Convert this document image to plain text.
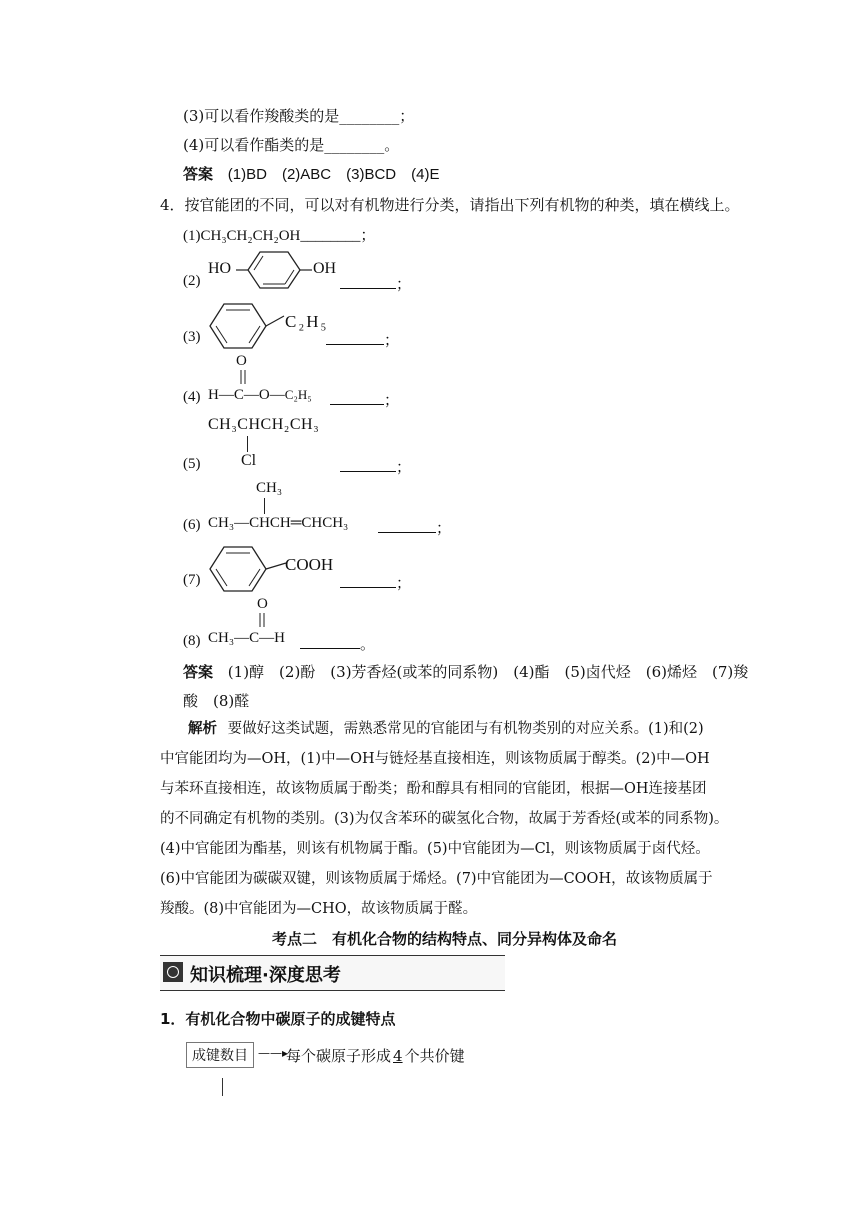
(3)可以看作羧酸类的是________；
(4)可以看作酯类的是________。
答案 (1)BD　(2)ABC　(3)BCD　(4)E
4．按官能团的不同，可以对有机物进行分类，请指出下列有机物的种类，填在横线上。
(1)CH₃CH₂CH₂OH________；
(2)
HO	OH
；
(3)
C₂H₅
；
O
(4) H—C—O—C₂H₅	；
CH₃CHCH₂CH₃
(5)	Cl	；
CH₃
(6) CH₃—CHCH═CHCH₃	；
(7)
COOH
；
O
(8) CH₃—C—H	。
答案 (1)醇　(2)酚　(3)芳香烃(或苯的同系物)　(4)酯　(5)卤代烃　(6)烯烃　(7)羧
酸　(8)醛
解析 要做好这类试题，需熟悉常见的官能团与有机物类别的对应关系。(1)和(2)
中官能团均为—OH，(1)中—OH与链烃基直接相连，则该物质属于醇类。(2)中—OH
与苯环直接相连，故该物质属于酚类；酚和醇具有相同的官能团，根据—OH连接基团
的不同确定有机物的类别。(3)为仅含苯环的碳氢化合物，故属于芳香烃(或苯的同系物)。
(4)中官能团为酯基，则该有机物属于酯。(5)中官能团为—Cl，则该物质属于卤代烃。
(6)中官能团为碳碳双键，则该物质属于烯烃。(7)中官能团为—COOH，故该物质属于
羧酸。(8)中官能团为—CHO，故该物质属于醛。
考点二　有机化合物的结构特点、同分异构体及命名
知识梳理·深度思考
1．有机化合物中碳原子的成键特点
成键数目 ——▸
每个碳原子形成 4 个共价键
